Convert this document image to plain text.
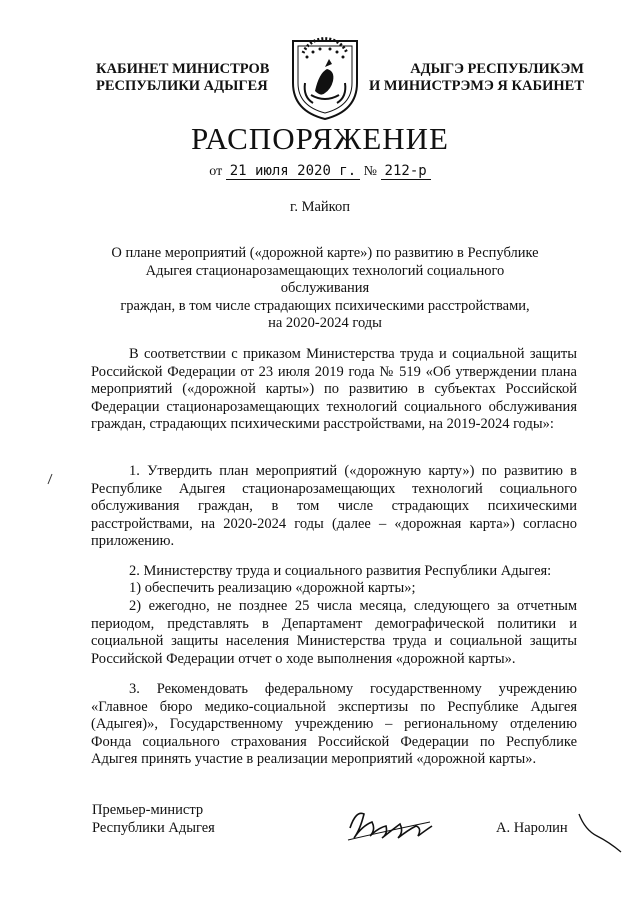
КАБИНЕТ МИНИСТРОВ
РЕСПУБЛИКИ АДЫГЕЯ
АДЫГЭ РЕСПУБЛИКЭМ
И МИНИСТРЭМЭ Я КАБИНЕТ
РАСПОРЯЖЕНИЕ
от 21 июля 2020 г. № 212-р
г. Майкоп
О плане мероприятий («дорожной карте») по развитию в Республике
Адыгея стационарозамещающих технологий социального обслуживания
граждан, в том числе страдающих психическими расстройствами,
на 2020-2024 годы
В соответствии с приказом Министерства труда и социальной защиты Российской Федерации от 23 июля 2019 года № 519 «Об утверждении плана мероприятий («дорожной карты») по развитию в субъектах Российской Федерации стационарозамещающих технологий социального обслуживания граждан, страдающих психическими расстройствами, на 2019-2024 годы»:
1. Утвердить план мероприятий («дорожную карту») по развитию в Республике Адыгея стационарозамещающих технологий социального обслуживания граждан, в том числе страдающих психическими расстройствами, на 2020-2024 годы (далее – «дорожная карта») согласно приложению.
2. Министерству труда и социального развития Республики Адыгея:
1) обеспечить реализацию «дорожной карты»;
2) ежегодно, не позднее 25 числа месяца, следующего за отчетным периодом, представлять в Департамент демографической политики и социальной защиты населения Министерства труда и социальной защиты Российской Федерации отчет о ходе выполнения «дорожной карты».
3. Рекомендовать федеральному государственному учреждению «Главное бюро медико-социальной экспертизы по Республике Адыгея (Адыгея)», Государственному учреждению – региональному отделению Фонда социального страхования Российской Федерации по Республике Адыгея принять участие в реализации мероприятий «дорожной карты».
Премьер-министр
Республики Адыгея	А. Наролин
